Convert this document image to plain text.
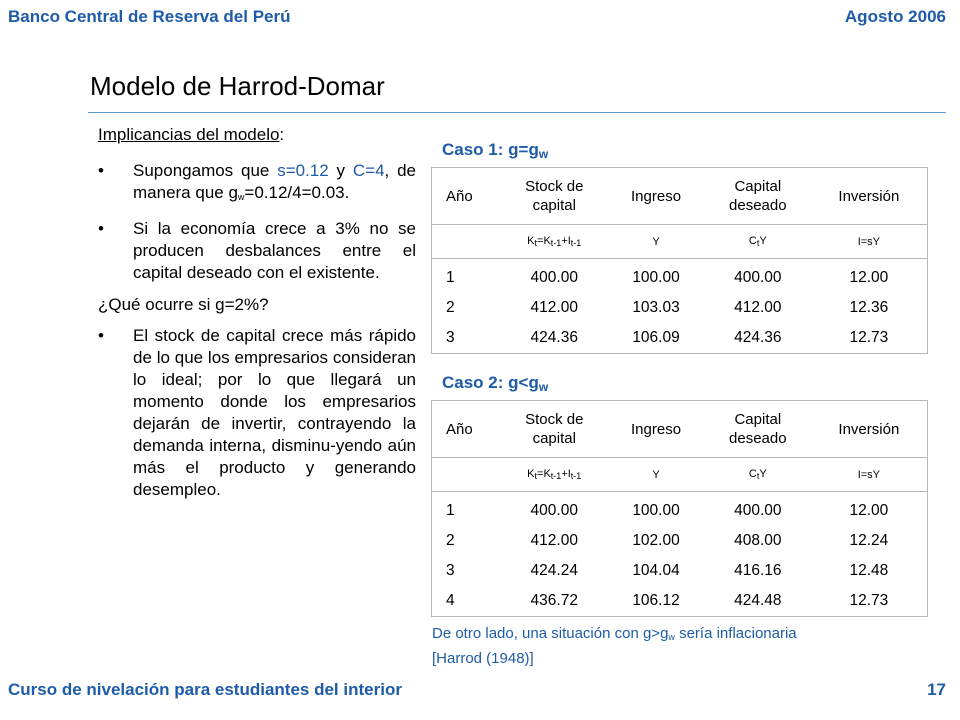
Banco Central de Reserva del Perú	Agosto 2006
Modelo de Harrod-Domar

Implicancias del modelo:

• Supongamos que s=0.12 y C=4, de manera que $g_w=0.12/4=0.03$.

• Si la economía crece a 3% no se producen desbalances entre el capital deseado con el existente.

¿Qué ocurre si g=2%?

• El stock de capital crece más rápido de lo que los empresarios consideran lo ideal; por lo que llegará un momento donde los empresarios dejarán de invertir, contrayendo la demanda interna, disminu-yendo aún más el producto y generando desempleo.

Caso 1: $g=g_w$
Año	Stock de capital	Ingreso	Capital deseado	Inversión
	$K_t=K_{t-1}+I_{t-1}$	Y	$C_tY$	I=sY
1	400.00	100.00	400.00	12.00
2	412.00	103.03	412.00	12.36
3	424.36	106.09	424.36	12.73
Caso 2: $g<g_w$
Año	Stock de capital	Ingreso	Capital deseado	Inversión
	$K_t=K_{t-1}+I_{t-1}$	Y	$C_tY$	I=sY
1	400.00	100.00	400.00	12.00
2	412.00	102.00	408.00	12.24
3	424.24	104.04	416.16	12.48
4	436.72	106.12	424.48	12.73
De otro lado, una situación con $g>g_w$ sería inflacionaria
[Harrod (1948)]
Curso de nivelación para estudiantes del interior	17
